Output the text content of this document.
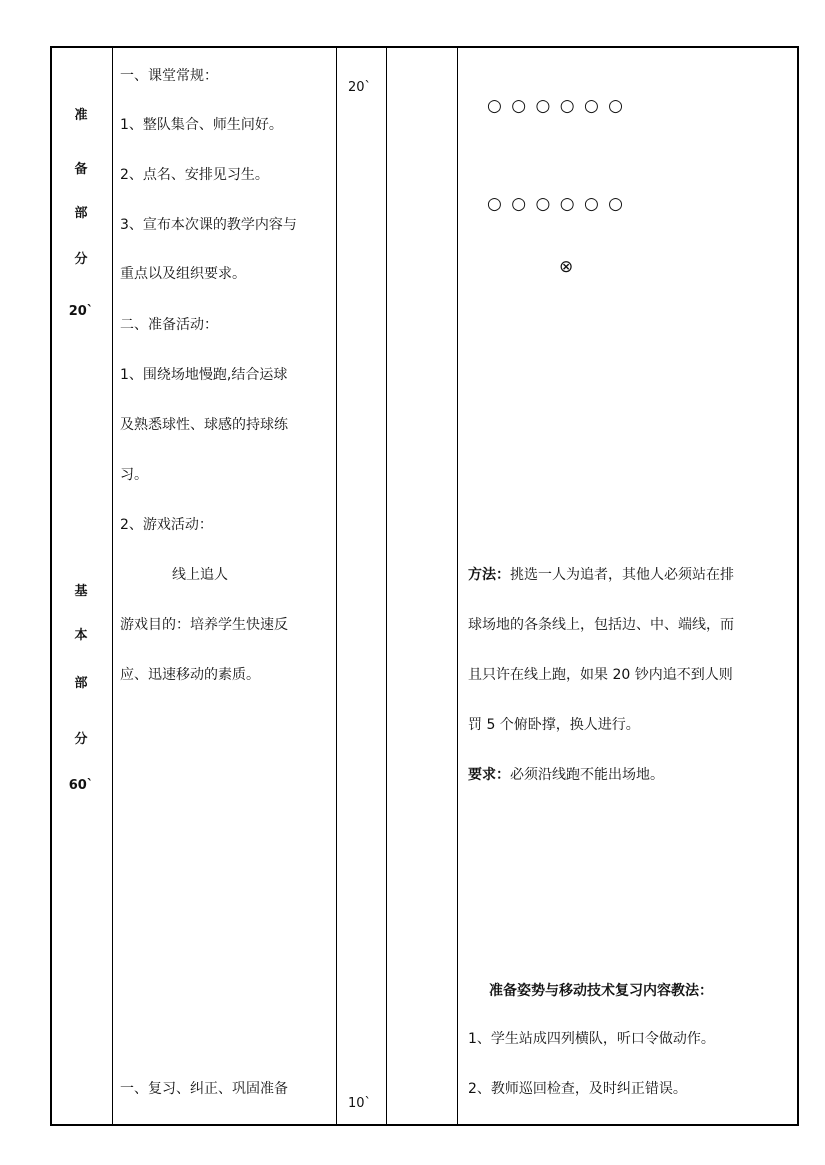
准
备
部
分
20`
基
本
部
分
60`
一、课堂常规：
1、整队集合、师生问好。
2、点名、安排见习生。
3、宣布本次课的教学内容与
重点以及组织要求。
二、准备活动：
1、围绕场地慢跑,结合运球
及熟悉球性、球感的持球练
习。
2、游戏活动：
线上追人
游戏目的：培养学生快速反
应、迅速移动的素质。
一、复习、纠正、巩固准备
20`
10`
○ ○ ○ ○ ○ ○
○ ○ ○ ○ ○ ○
⊗
方法：挑选一人为追者，其他人必须站在排
球场地的各条线上，包括边、中、端线，而
且只许在线上跑，如果 20 钞内追不到人则
罚 5 个俯卧撑，换人进行。
要求：必须沿线跑不能出场地。
准备姿势与移动技术复习内容教法：
1、学生站成四列横队，听口令做动作。
2、教师巡回检查，及时纠正错误。
